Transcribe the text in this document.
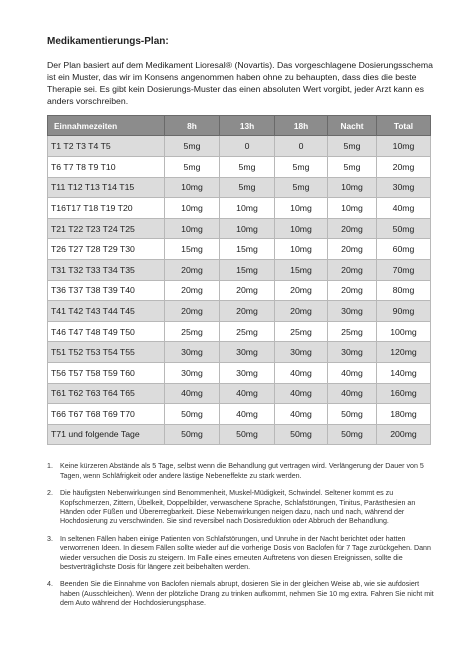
Medikamentierungs-Plan:

Der Plan basiert auf dem Medikament Lioresal® (Novartis). Das vorgeschlagene Dosierungsschema ist ein Muster, das wir im Konsens angenommen haben ohne zu behaupten, dass dies die beste Therapie sei. Es gibt kein Dosierungs-Muster das einen absoluten Wert vorgibt, jeder Arzt kann es anders vorschreiben.

Einnahmezeiten	8h	13h	18h	Nacht	Total
T1 T2 T3 T4 T5	5mg	0	0	5mg	10mg
T6 T7 T8 T9 T10	5mg	5mg	5mg	5mg	20mg
T11 T12 T13 T14 T15	10mg	5mg	5mg	10mg	30mg
T16T17 T18 T19 T20	10mg	10mg	10mg	10mg	40mg
T21 T22 T23 T24 T25	10mg	10mg	10mg	20mg	50mg
T26 T27 T28 T29 T30	15mg	15mg	10mg	20mg	60mg
T31 T32 T33 T34 T35	20mg	15mg	15mg	20mg	70mg
T36 T37 T38 T39 T40	20mg	20mg	20mg	20mg	80mg
T41 T42 T43 T44 T45	20mg	20mg	20mg	30mg	90mg
T46 T47 T48 T49 T50	25mg	25mg	25mg	25mg	100mg
T51 T52 T53 T54 T55	30mg	30mg	30mg	30mg	120mg
T56 T57 T58 T59 T60	30mg	30mg	40mg	40mg	140mg
T61 T62 T63 T64 T65	40mg	40mg	40mg	40mg	160mg
T66 T67 T68 T69 T70	50mg	40mg	40mg	50mg	180mg
T71 und folgende Tage	50mg	50mg	50mg	50mg	200mg
1. Keine kürzeren Abstände als 5 Tage, selbst wenn die Behandlung gut vertragen wird. Verlängerung der Dauer von 5 Tagen, wenn Schläfrigkeit oder andere lästige Nebeneffekte zu stark werden.
2. Die häufigsten Nebenwirkungen sind Benommenheit, Muskel-Müdigkeit, Schwindel. Seltener kommt es zu Kopfschmerzen, Zittern, Übelkeit, Doppelbilder, verwaschene Sprache, Schlafstörungen, Tinitus, Parästhesien an Händen oder Füßen und Übererregbarkeit. Diese Nebenwirkungen neigen dazu, nach und nach, während der Hochdosierung zu verschwinden. Sie sind reversibel nach Dosisreduktion oder Abbruch der Behandlung.
3. In seltenen Fällen haben einige Patienten von Schlafstörungen, und Unruhe in der Nacht berichtet oder hatten verworrenen Ideen. In diesem Fällen sollte wieder auf die vorherige Dosis von Baclofen für 7 Tage zurückgehen. Dann wieder versuchen die Dosis zu steigern. Im Falle eines erneuten Auftretens von diesen Ereignissen, sollte die bestverträglichste Dosis für längere zeit beibehalten werden.
4. Beenden Sie die Einnahme von Baclofen niemals abrupt, dosieren Sie in der gleichen Weise ab, wie sie aufdosiert haben (Ausschleichen). Wenn der plötzliche Drang zu trinken aufkommt, nehmen Sie 10 mg extra. Fahren Sie nicht mit dem Auto während der Hochdosierungsphase.
